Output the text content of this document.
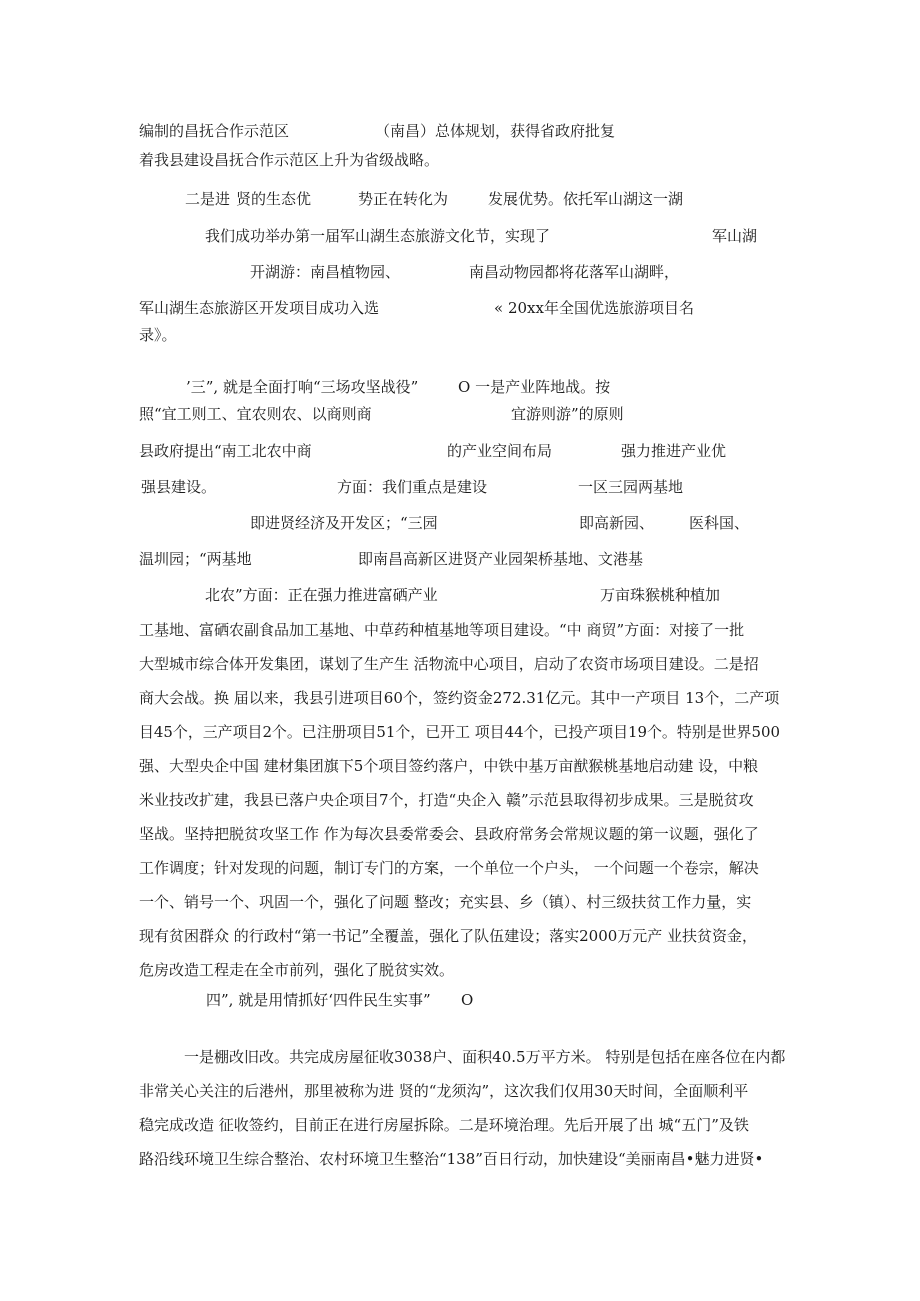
编制的昌抚合作示范区	（南昌）总体规划，获得省政府批复
着我县建设昌抚合作示范区上升为省级战略。
二是进 贤的生态优	势正在转化为	发展优势。依托军山湖这一湖
我们成功举办第一届军山湖生态旅游文化节，实现了	军山湖
开湖游：南昌植物园、	南昌动物园都将花落军山湖畔，
军山湖生态旅游区开发项目成功入选	« 20xx年全国优选旅游项目名
录》。
’三”, 就是全面打响“三场攻坚战役”	O 一是产业阵地战。按
照“宜工则工、宜农则农、以商则商	宜游则游”的原则
县政府提出“南工北农中商	的产业空间布局	强力推进产业优
强县建设。	方面：我们重点是建设	一区三园两基地
即进贤经济及开发区；“三园	即高新园、 医科国、
温圳园；“两基地	即南昌高新区进贤产业园架桥基地、文港基
北农”方面：正在强力推进富硒产业	万亩珠猴桃种植加
工基地、富硒农副食品加工基地、中草药种植基地等项目建设。“中 商贸”方面：对接了一批
大型城市综合体开发集团，谋划了生产生 活物流中心项目，启动了农资市场项目建设。二是招
商大会战。换 届以来，我县引进项目60个，签约资金272.31亿元。其中一产项目 13个，二产项
目45个，三产项目2个。已注册项目51个，已开工 项目44个，已投产项目19个。特别是世界500
强、大型央企中国 建材集团旗下5个项目签约落户，中铁中基万亩猷猴桃基地启动建 设，中粮
米业技改扩建，我县已落户央企项目7个，打造“央企入 赣”示范县取得初步成果。三是脱贫攻
坚战。坚持把脱贫攻坚工作 作为每次县委常委会、县政府常务会常规议题的第一议题，强化了
工作调度；针对发现的问题，制订专门的方案，一个单位一个户头， 一个问题一个卷宗，解决
一个、销号一个、巩固一个，强化了问题 整改；充实县、乡（镇）、村三级扶贫工作力量，实
现有贫困群众 的行政村“第一书记”全覆盖，强化了队伍建设；落实2000万元产 业扶贫资金，
危房改造工程走在全市前列，强化了脱贫实效。
四”, 就是用情抓好‘四件民生实事” O
一是棚改旧改。共完成房屋征收3038户、面积40.5万平方米。 特别是包括在座各位在内都
非常关心关注的后港州，那里被称为进 贤的“龙须沟”，这次我们仅用30天时间，全面顺利平
稳完成改造 征收签约，目前正在进行房屋拆除。二是环境治理。先后开展了出 城“五门”及铁
路沿线环境卫生综合整治、农村环境卫生整治“138”百日行动，加快建设“美丽南昌•魅力进贤•
